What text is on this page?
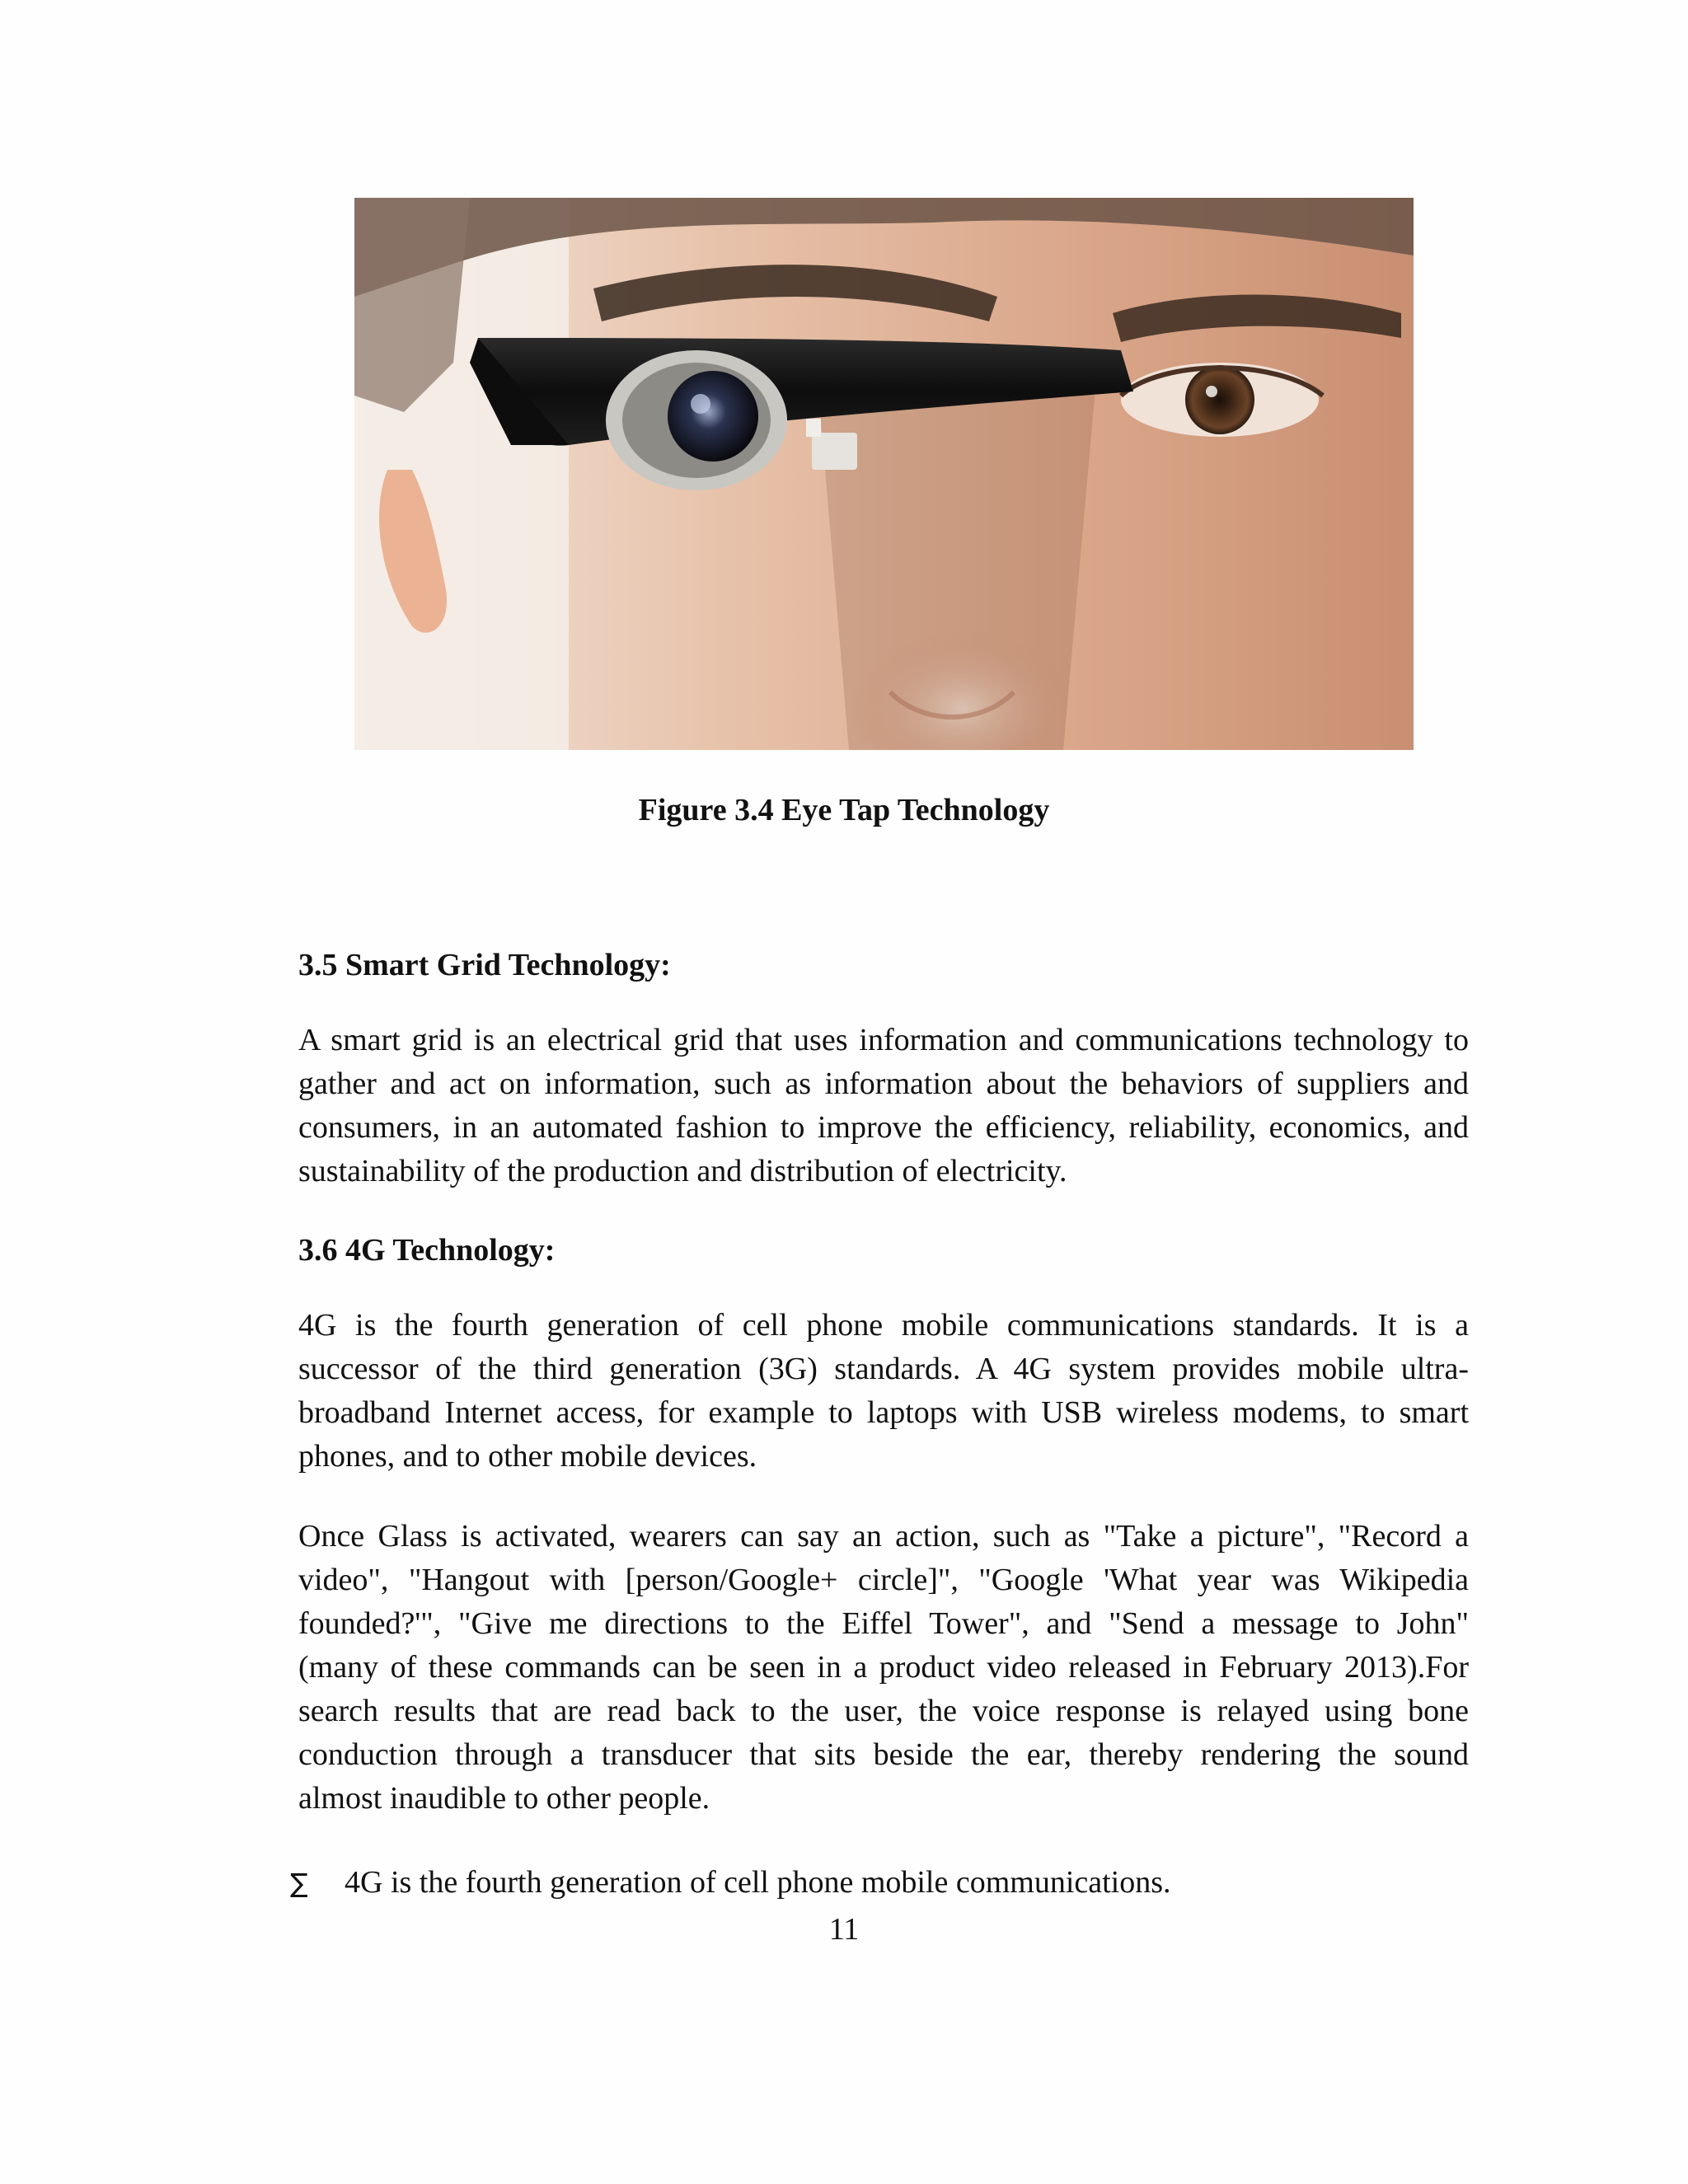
Figure 3.4 Eye Tap Technology
3.5 Smart Grid Technology:
A smart grid is an electrical grid that uses information and communications technology to
gather and act on information, such as information about the behaviors of suppliers and
consumers, in an automated fashion to improve the efficiency, reliability, economics, and
sustainability of the production and distribution of electricity.
3.6 4G Technology:
4G is the fourth generation of cell phone mobile communications standards. It is a
successor of the third generation (3G) standards. A 4G system provides mobile ultra-
broadband Internet access, for example to laptops with USB wireless modems, to smart
phones, and to other mobile devices.
Once Glass is activated, wearers can say an action, such as "Take a picture", "Record a
video", "Hangout with [person/Google+ circle]", "Google 'What year was Wikipedia
founded?'", "Give me directions to the Eiffel Tower", and "Send a message to John"
(many of these commands can be seen in a product video released in February 2013).For
search results that are read back to the user, the voice response is relayed using bone
conduction through a transducer that sits beside the ear, thereby rendering the sound
almost inaudible to other people.
∑ 4G is the fourth generation of cell phone mobile communications.
11
